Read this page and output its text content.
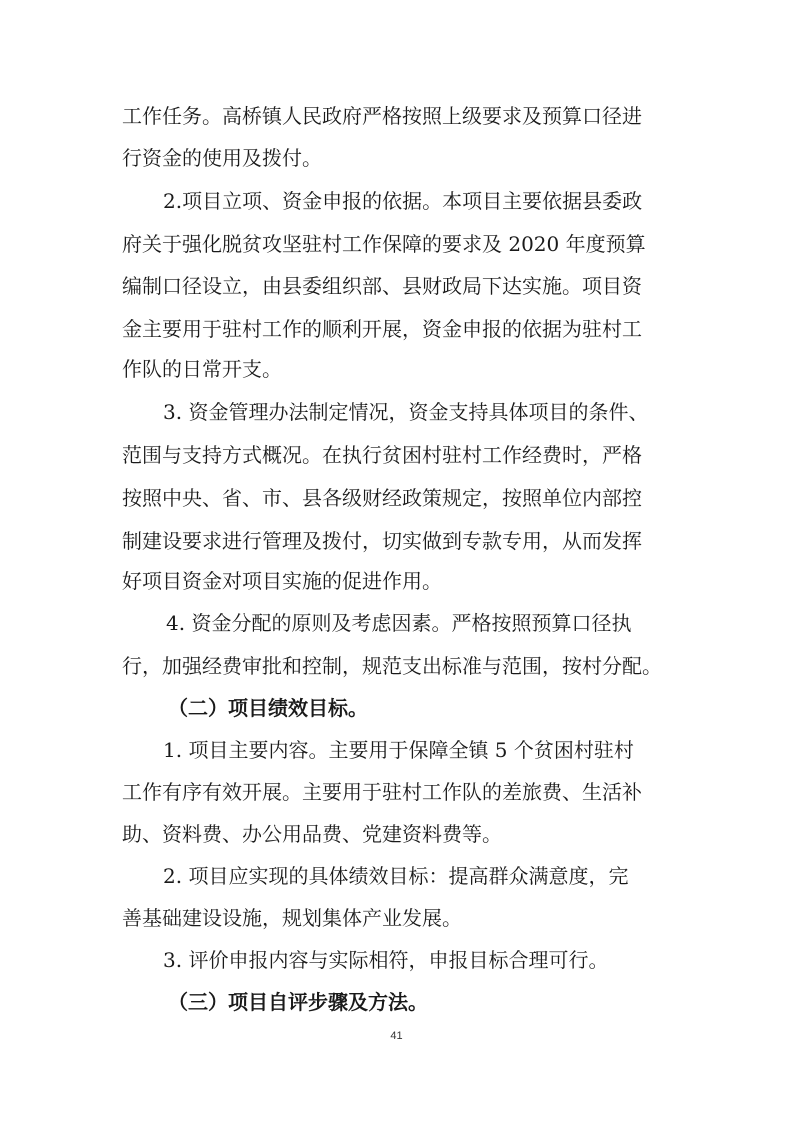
工作任务。高桥镇人民政府严格按照上级要求及预算口径进
行资金的使用及拨付。
2.项目立项、资金申报的依据。本项目主要依据县委政
府关于强化脱贫攻坚驻村工作保障的要求及 2020 年度预算
编制口径设立，由县委组织部、县财政局下达实施。项目资
金主要用于驻村工作的顺利开展，资金申报的依据为驻村工
作队的日常开支。
3. 资金管理办法制定情况，资金支持具体项目的条件、
范围与支持方式概况。在执行贫困村驻村工作经费时，严格
按照中央、省、市、县各级财经政策规定，按照单位内部控
制建设要求进行管理及拨付，切实做到专款专用，从而发挥
好项目资金对项目实施的促进作用。
4. 资金分配的原则及考虑因素。严格按照预算口径执
行，加强经费审批和控制，规范支出标准与范围，按村分配。
（二）项目绩效目标。
1. 项目主要内容。主要用于保障全镇 5 个贫困村驻村
工作有序有效开展。主要用于驻村工作队的差旅费、生活补
助、资料费、办公用品费、党建资料费等。
2. 项目应实现的具体绩效目标：提高群众满意度，完
善基础建设设施，规划集体产业发展。
3. 评价申报内容与实际相符，申报目标合理可行。
（三）项目自评步骤及方法。
41
